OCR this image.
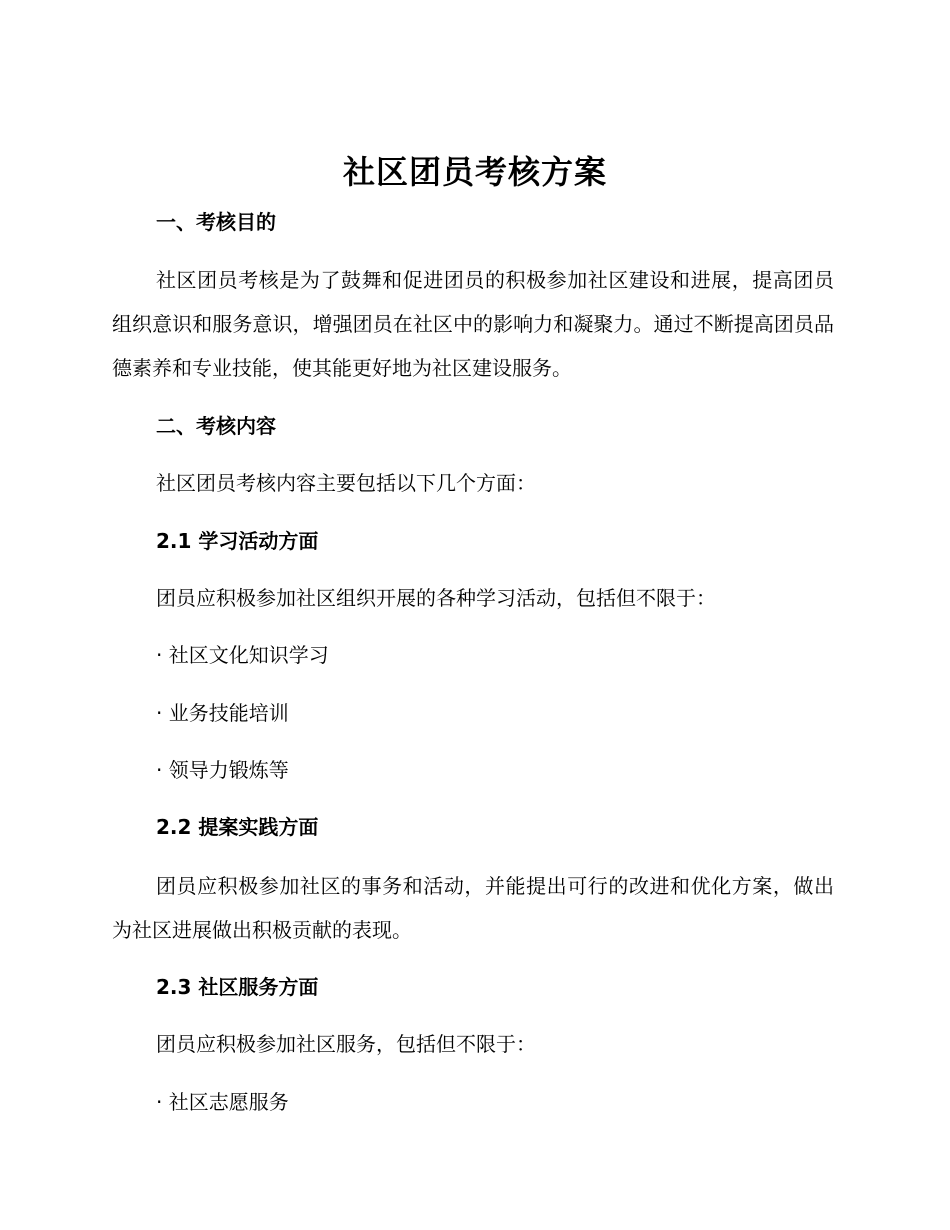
社区团员考核方案
一、考核目的
社区团员考核是为了鼓舞和促进团员的积极参加社区建设和进展，提高团员组织意识和服务意识，增强团员在社区中的影响力和凝聚力。通过不断提高团员品德素养和专业技能，使其能更好地为社区建设服务。
二、考核内容
社区团员考核内容主要包括以下几个方面：
2.1 学习活动方面
团员应积极参加社区组织开展的各种学习活动，包括但不限于：
· 社区文化知识学习
· 业务技能培训
· 领导力锻炼等
2.2 提案实践方面
团员应积极参加社区的事务和活动，并能提出可行的改进和优化方案，做出为社区进展做出积极贡献的表现。
2.3 社区服务方面
团员应积极参加社区服务，包括但不限于：
· 社区志愿服务
